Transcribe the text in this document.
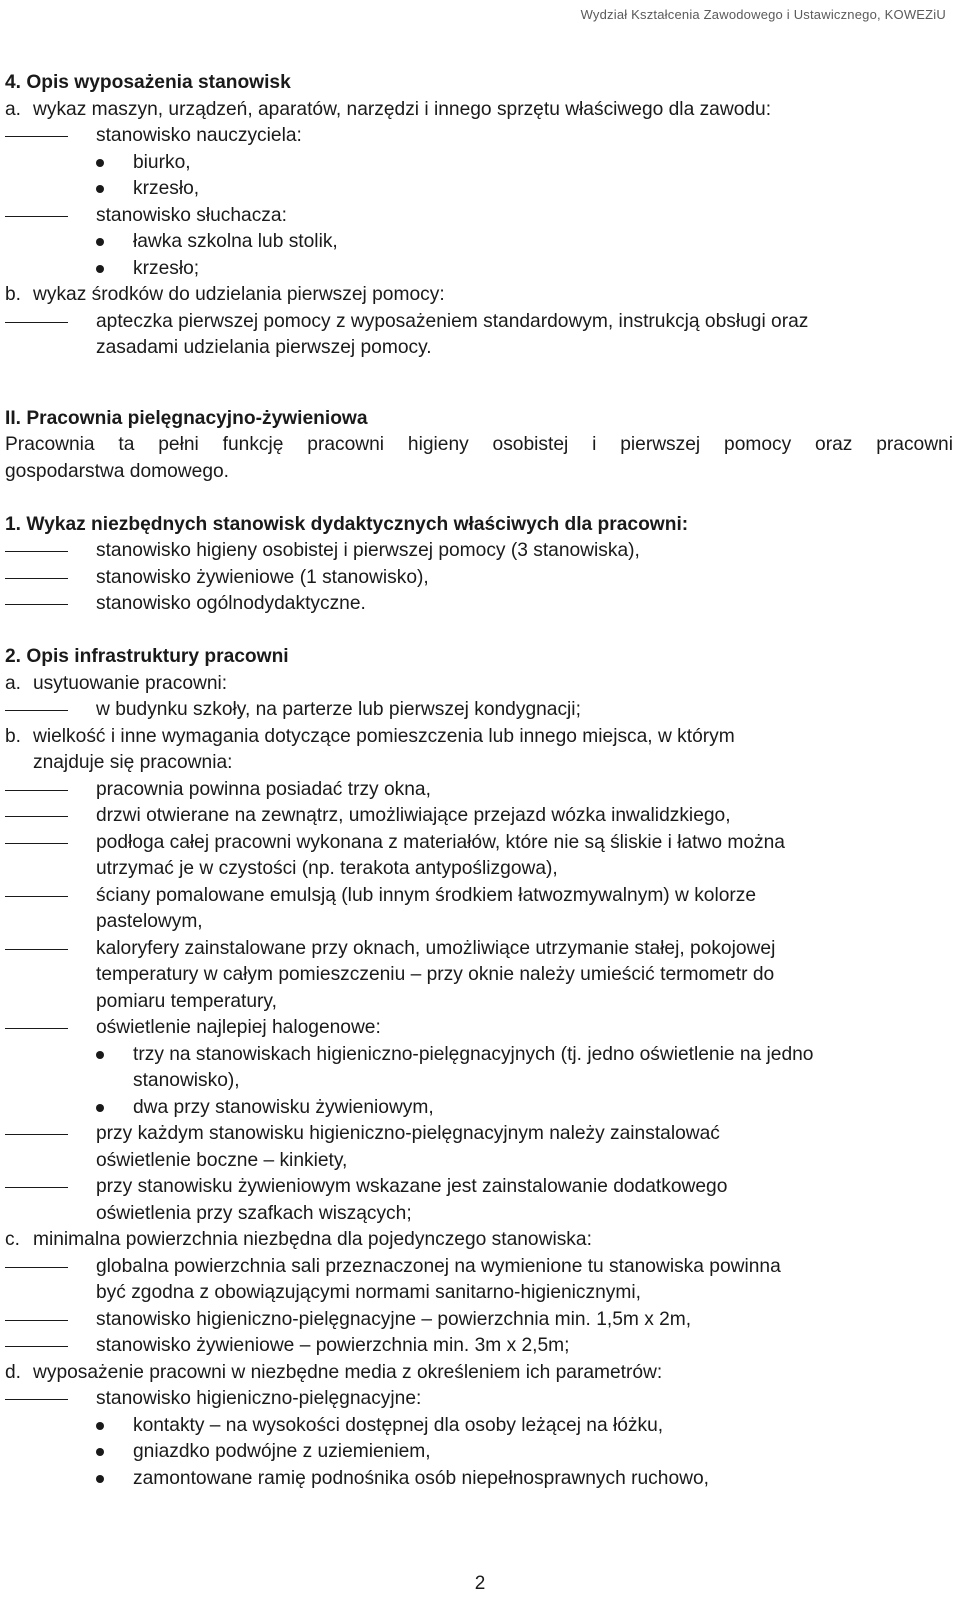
Wydział Kształcenia Zawodowego i Ustawicznego, KOWEZiU
4. Opis wyposażenia stanowisk
a. wykaz maszyn, urządzeń, aparatów, narzędzi i innego sprzętu właściwego dla zawodu:
stanowisko nauczyciela:
biurko,
krzesło,
stanowisko słuchacza:
ławka szkolna lub stolik,
krzesło;
b. wykaz środków do udzielania pierwszej pomocy:
apteczka pierwszej pomocy z wyposażeniem standardowym, instrukcją obsługi oraz
zasadami udzielania pierwszej pomocy.
II. Pracownia pielęgnacyjno-żywieniowa
Pracownia ta pełni funkcję pracowni higieny osobistej i pierwszej pomocy oraz pracowni
gospodarstwa domowego.
1. Wykaz niezbędnych stanowisk dydaktycznych właściwych dla pracowni:
stanowisko higieny osobistej i pierwszej pomocy (3 stanowiska),
stanowisko żywieniowe (1 stanowisko),
stanowisko ogólnodydaktyczne.
2. Opis infrastruktury pracowni
a. usytuowanie pracowni:
w budynku szkoły, na parterze lub pierwszej kondygnacji;
b. wielkość i inne wymagania dotyczące pomieszczenia lub innego miejsca, w którym
znajduje się pracownia:
pracownia powinna posiadać trzy okna,
drzwi otwierane na zewnątrz, umożliwiające przejazd wózka inwalidzkiego,
podłoga całej pracowni wykonana z materiałów, które nie są śliskie i łatwo można
utrzymać je w czystości (np. terakota antypoślizgowa),
ściany pomalowane emulsją (lub innym środkiem łatwozmywalnym) w kolorze
pastelowym,
kaloryfery zainstalowane przy oknach, umożliwiące utrzymanie stałej, pokojowej
temperatury w całym pomieszczeniu – przy oknie należy umieścić termometr do
pomiaru temperatury,
oświetlenie najlepiej halogenowe:
trzy na stanowiskach higieniczno-pielęgnacyjnych (tj. jedno oświetlenie na jedno
stanowisko),
dwa przy stanowisku żywieniowym,
przy każdym stanowisku higieniczno-pielęgnacyjnym należy zainstalować
oświetlenie boczne – kinkiety,
przy stanowisku żywieniowym wskazane jest zainstalowanie dodatkowego
oświetlenia przy szafkach wiszących;
c. minimalna powierzchnia niezbędna dla pojedynczego stanowiska:
globalna powierzchnia sali przeznaczonej na wymienione tu stanowiska powinna
być zgodna z obowiązującymi normami sanitarno-higienicznymi,
stanowisko higieniczno-pielęgnacyjne – powierzchnia min. 1,5m x 2m,
stanowisko żywieniowe – powierzchnia min. 3m x 2,5m;
d. wyposażenie pracowni w niezbędne media z określeniem ich parametrów:
stanowisko higieniczno-pielęgnacyjne:
kontakty – na wysokości dostępnej dla osoby leżącej na łóżku,
gniazdko podwójne z uziemieniem,
zamontowane ramię podnośnika osób niepełnosprawnych ruchowo,
2
